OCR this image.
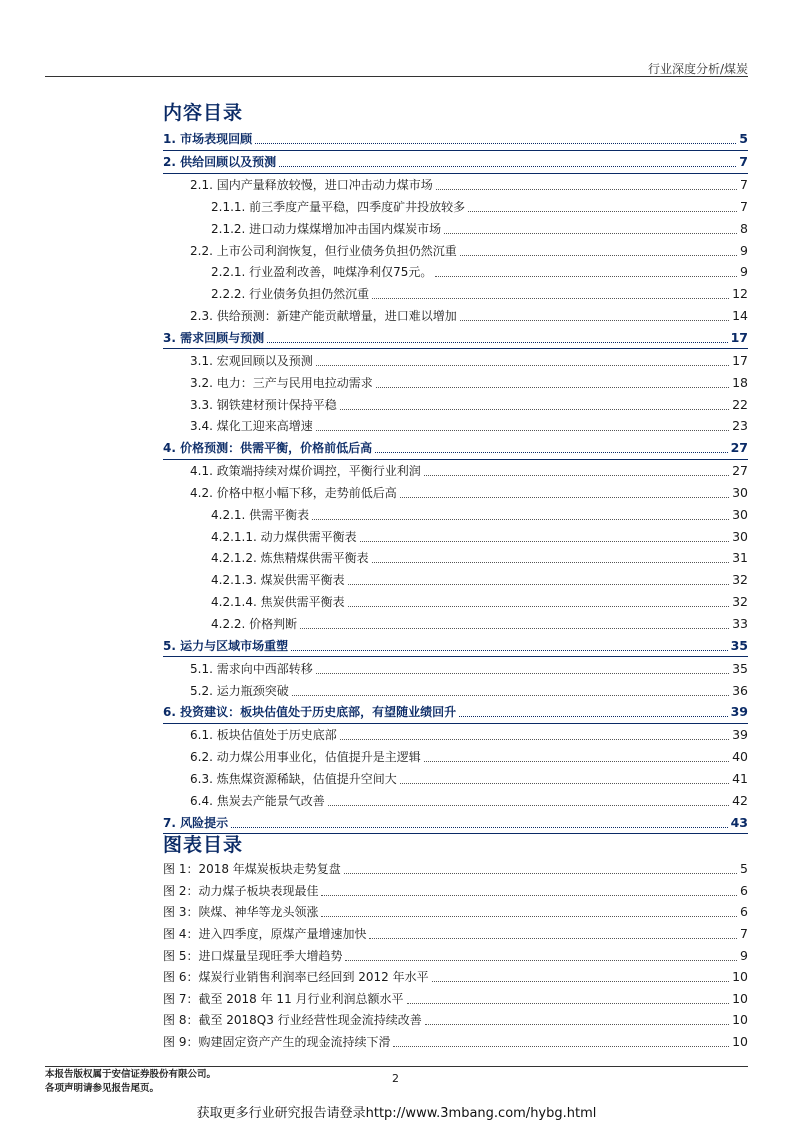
行业深度分析/煤炭
内容目录
1. 市场表现回顾	5
2. 供给回顾以及预测	7
2.1. 国内产量释放较慢，进口冲击动力煤市场	7
2.1.1. 前三季度产量平稳，四季度矿井投放较多	7
2.1.2. 进口动力煤煤增加冲击国内煤炭市场	8
2.2. 上市公司利润恢复，但行业债务负担仍然沉重	9
2.2.1. 行业盈利改善，吨煤净利仅75元。	9
2.2.2. 行业债务负担仍然沉重	12
2.3. 供给预测：新建产能贡献增量，进口难以增加	14
3. 需求回顾与预测	17
3.1. 宏观回顾以及预测	17
3.2. 电力：三产与民用电拉动需求	18
3.3. 钢铁建材预计保持平稳	22
3.4. 煤化工迎来高增速	23
4. 价格预测：供需平衡，价格前低后高	27
4.1. 政策端持续对煤价调控，平衡行业利润	27
4.2. 价格中枢小幅下移，走势前低后高	30
4.2.1. 供需平衡表	30
4.2.1.1. 动力煤供需平衡表	30
4.2.1.2. 炼焦精煤供需平衡表	31
4.2.1.3. 煤炭供需平衡表	32
4.2.1.4. 焦炭供需平衡表	32
4.2.2. 价格判断	33
5. 运力与区域市场重塑	35
5.1. 需求向中西部转移	35
5.2. 运力瓶颈突破	36
6. 投资建议：板块估值处于历史底部，有望随业绩回升	39
6.1. 板块估值处于历史底部	39
6.2. 动力煤公用事业化，估值提升是主逻辑	40
6.3. 炼焦煤资源稀缺，估值提升空间大	41
6.4. 焦炭去产能景气改善	42
7. 风险提示	43
图表目录
图 1：2018 年煤炭板块走势复盘	5
图 2：动力煤子板块表现最佳	6
图 3：陕煤、神华等龙头领涨	6
图 4：进入四季度，原煤产量增速加快	7
图 5：进口煤量呈现旺季大增趋势	9
图 6：煤炭行业销售利润率已经回到 2012 年水平	10
图 7：截至 2018 年 11 月行业利润总额水平	10
图 8：截至 2018Q3 行业经营性现金流持续改善	10
图 9：购建固定资产产生的现金流持续下滑	10
本报告版权属于安信证券股份有限公司。
各项声明请参见报告尾页。
2
获取更多行业研究报告请登录http://www.3mbang.com/hybg.html
